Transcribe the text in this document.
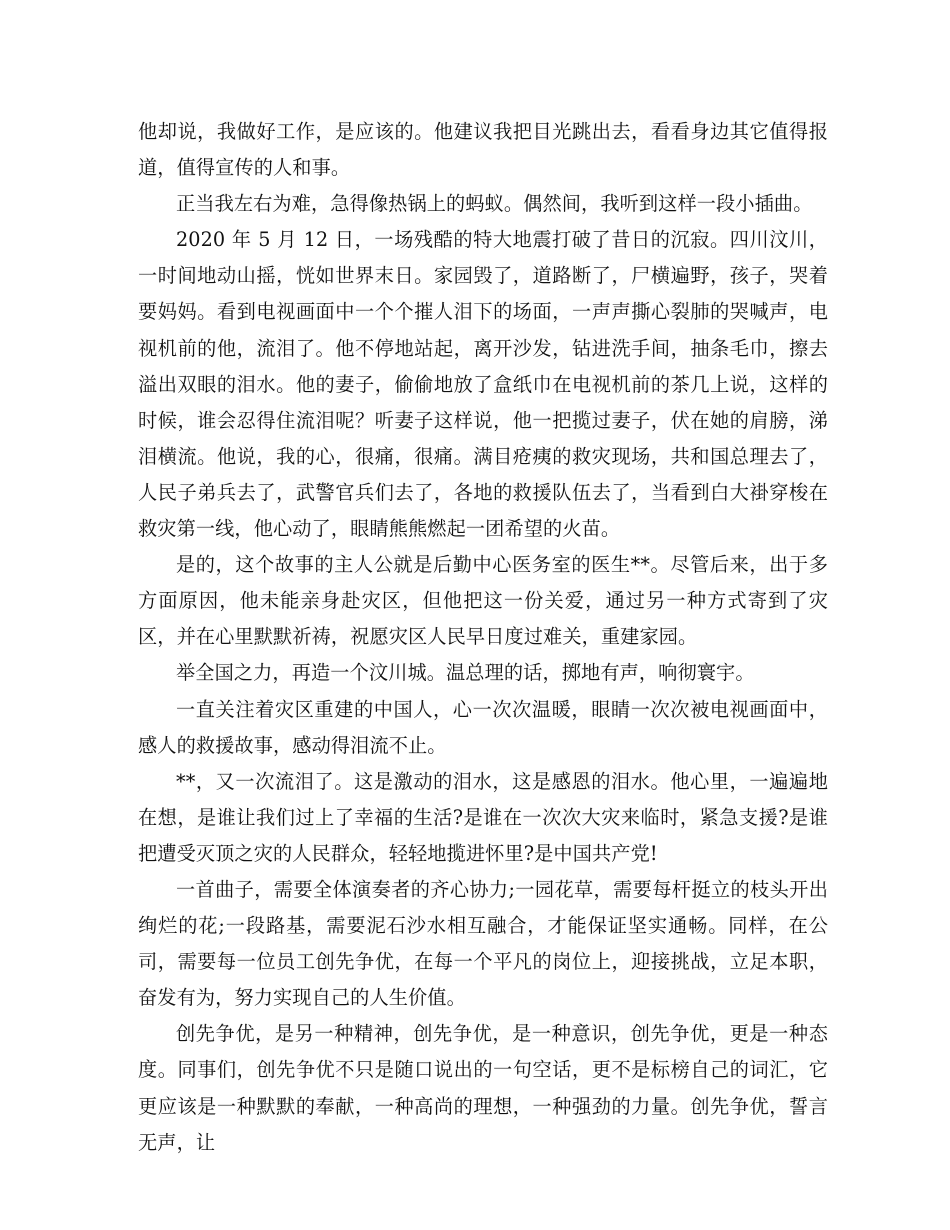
他却说，我做好工作，是应该的。他建议我把目光跳出去，看看身边其它值得报道，值得宣传的人和事。

正当我左右为难，急得像热锅上的蚂蚁。偶然间，我听到这样一段小插曲。

2020 年 5 月 12 日，一场残酷的特大地震打破了昔日的沉寂。四川汶川，一时间地动山摇，恍如世界末日。家园毁了，道路断了，尸横遍野，孩子，哭着要妈妈。看到电视画面中一个个摧人泪下的场面，一声声撕心裂肺的哭喊声，电视机前的他，流泪了。他不停地站起，离开沙发，钻进洗手间，抽条毛巾，擦去溢出双眼的泪水。他的妻子，偷偷地放了盒纸巾在电视机前的茶几上说，这样的时候，谁会忍得住流泪呢？听妻子这样说，他一把揽过妻子，伏在她的肩膀，涕泪横流。他说，我的心，很痛，很痛。满目疮痍的救灾现场，共和国总理去了，人民子弟兵去了，武警官兵们去了，各地的救援队伍去了，当看到白大褂穿梭在救灾第一线，他心动了，眼睛熊熊燃起一团希望的火苗。

是的，这个故事的主人公就是后勤中心医务室的医生**。尽管后来，出于多方面原因，他未能亲身赴灾区，但他把这一份关爱，通过另一种方式寄到了灾区，并在心里默默祈祷，祝愿灾区人民早日度过难关，重建家园。

举全国之力，再造一个汶川城。温总理的话，掷地有声，响彻寰宇。

一直关注着灾区重建的中国人，心一次次温暖，眼睛一次次被电视画面中，感人的救援故事，感动得泪流不止。

**，又一次流泪了。这是激动的泪水，这是感恩的泪水。他心里，一遍遍地在想，是谁让我们过上了幸福的生活?是谁在一次次大灾来临时，紧急支援?是谁把遭受灭顶之灾的人民群众，轻轻地揽进怀里?是中国共产党!

一首曲子，需要全体演奏者的齐心协力;一园花草，需要每杆挺立的枝头开出绚烂的花;一段路基，需要泥石沙水相互融合，才能保证坚实通畅。同样，在公司，需要每一位员工创先争优，在每一个平凡的岗位上，迎接挑战，立足本职，奋发有为，努力实现自己的人生价值。

创先争优，是另一种精神，创先争优，是一种意识，创先争优，更是一种态度。同事们，创先争优不只是随口说出的一句空话，更不是标榜自己的词汇，它更应该是一种默默的奉献，一种高尚的理想，一种强劲的力量。创先争优，誓言无声，让
